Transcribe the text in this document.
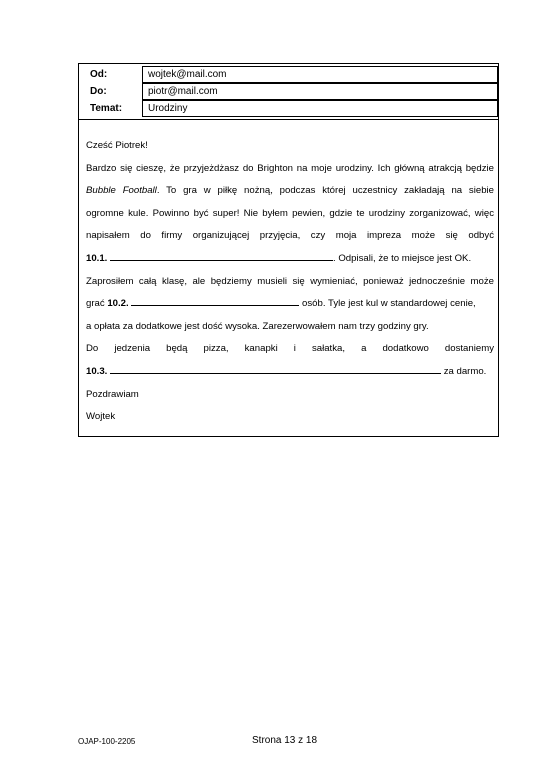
Od:	wojtek@mail.com
Do:	piotr@mail.com
Temat:	Urodziny

Cześć Piotrek!

Bardzo się cieszę, że przyjeżdżasz do Brighton na moje urodziny. Ich główną atrakcją będzie

Bubble Football. To gra w piłkę nożną, podczas której uczestnicy zakładają na siebie

ogromne kule. Powinno być super! Nie byłem pewien, gdzie te urodziny zorganizować, więc

napisałem do firmy organizującej przyjęcia, czy moja impreza może się odbyć

10.1.	. Odpisali, że to miejsce jest OK.

Zaprosiłem całą klasę, ale będziemy musieli się wymieniać, ponieważ jednocześnie może

grać 10.2.	osób. Tyle jest kul w standardowej cenie,

a opłata za dodatkowe jest dość wysoka. Zarezerwowałem nam trzy godziny gry.

Do jedzenia będą pizza, kanapki i sałatka, a dodatkowo dostaniemy

10.3.	za darmo.

Pozdrawiam

Wojtek

OJAP-100-2205	Strona 13 z 18
